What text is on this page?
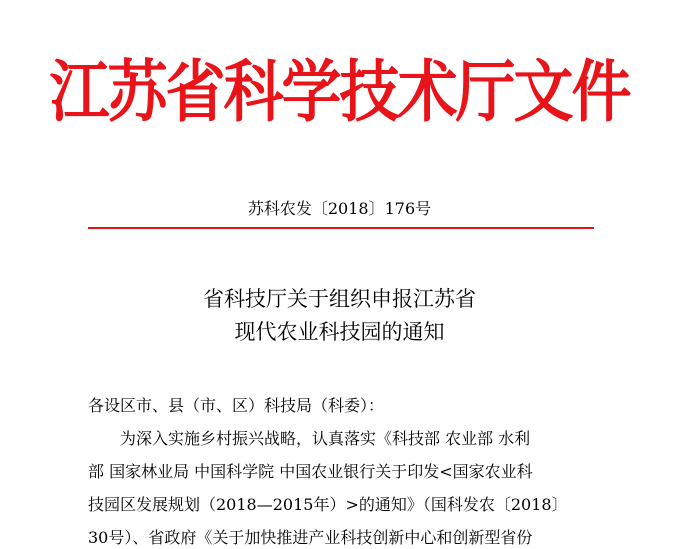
江苏省科学技术厅文件
苏科农发〔2018〕176号
省科技厅关于组织申报江苏省
现代农业科技园的通知
各设区市、县（市、区）科技局（科委）：
为深入实施乡村振兴战略，认真落实《科技部 农业部 水利
部 国家林业局 中国科学院 中国农业银行关于印发<国家农业科
技园区发展规划（2018—2015年）>的通知》（国科发农〔2018〕
30号）、省政府《关于加快推进产业科技创新中心和创新型省份
